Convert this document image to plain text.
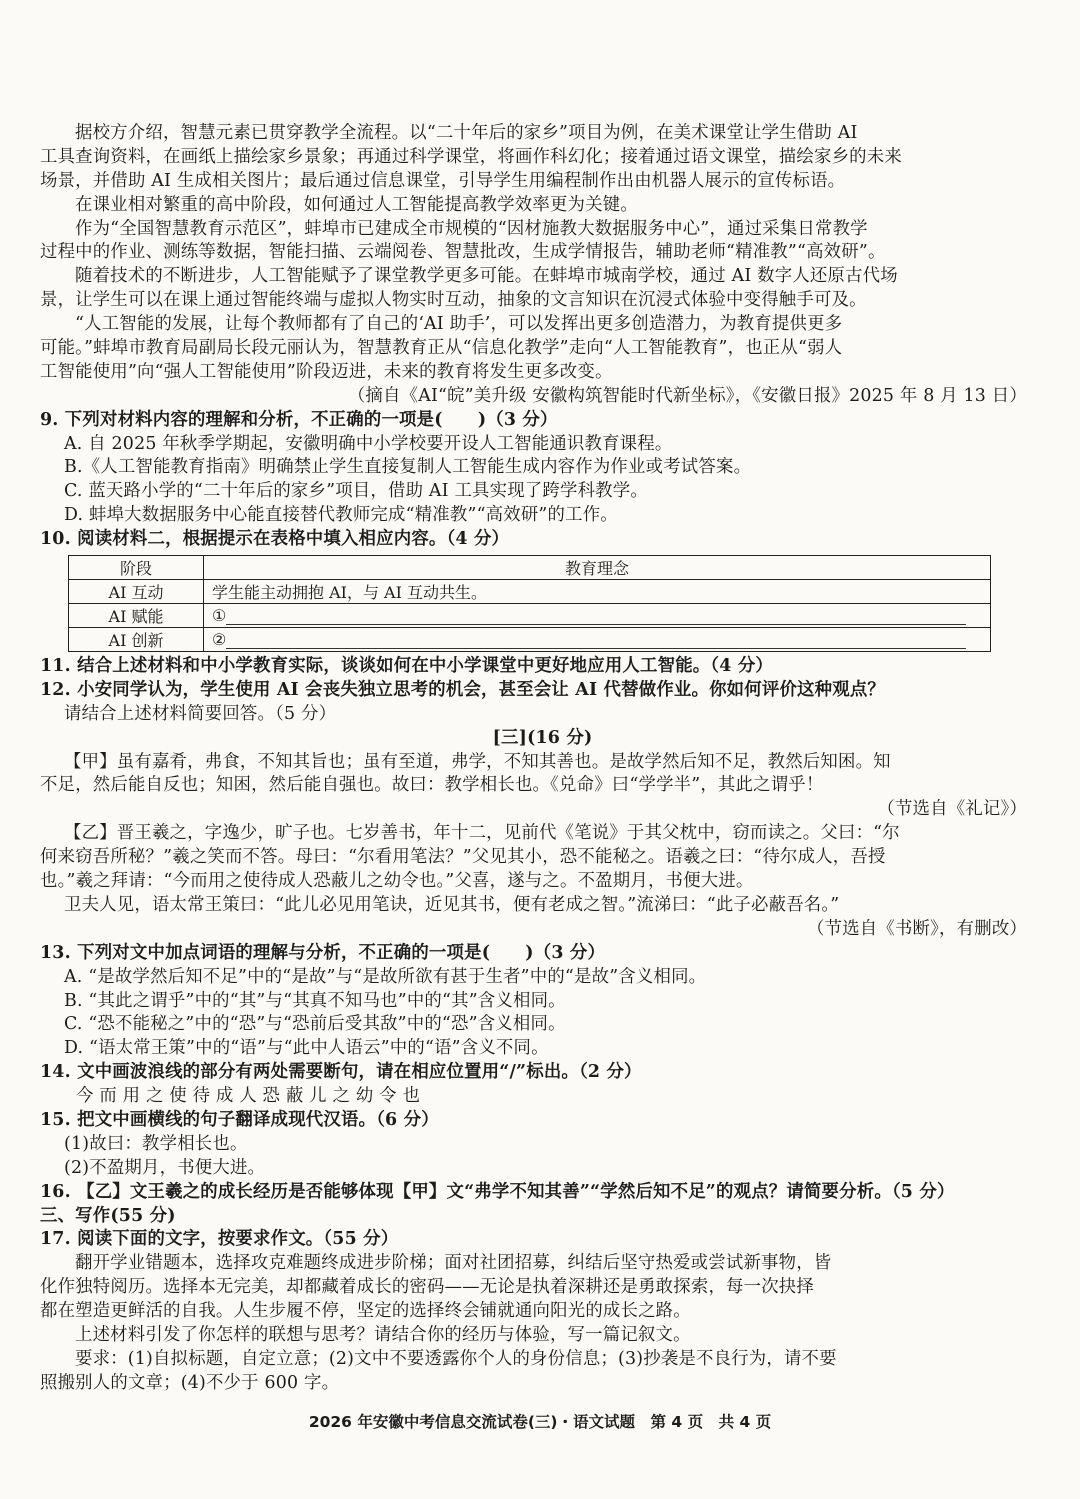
据校方介绍，智慧元素已贯穿教学全流程。以“二十年后的家乡”项目为例，在美术课堂让学生借助 AI

工具查询资料，在画纸上描绘家乡景象；再通过科学课堂，将画作科幻化；接着通过语文课堂，描绘家乡的未来

场景，并借助 AI 生成相关图片；最后通过信息课堂，引导学生用编程制作出由机器人展示的宣传标语。

在课业相对繁重的高中阶段，如何通过人工智能提高教学效率更为关键。

作为“全国智慧教育示范区”，蚌埠市已建成全市规模的“因材施教大数据服务中心”，通过采集日常教学

过程中的作业、测练等数据，智能扫描、云端阅卷、智慧批改，生成学情报告，辅助老师“精准教”“高效研”。

随着技术的不断进步，人工智能赋予了课堂教学更多可能。在蚌埠市城南学校，通过 AI 数字人还原古代场

景，让学生可以在课上通过智能终端与虚拟人物实时互动，抽象的文言知识在沉浸式体验中变得触手可及。

“人工智能的发展，让每个教师都有了自己的‘AI 助手’，可以发挥出更多创造潜力，为教育提供更多

可能。”蚌埠市教育局副局长段元丽认为，智慧教育正从“信息化教学”走向“人工智能教育”，也正从“弱人

工智能使用”向“强人工智能使用”阶段迈进，未来的教育将发生更多改变。

（摘自《AI“皖”美升级 安徽构筑智能时代新坐标》，《安徽日报》2025 年 8 月 13 日）

9. 下列对材料内容的理解和分析，不正确的一项是(　　)（3 分）

A. 自 2025 年秋季学期起，安徽明确中小学校要开设人工智能通识教育课程。

B.《人工智能教育指南》明确禁止学生直接复制人工智能生成内容作为作业或考试答案。

C. 蓝天路小学的“二十年后的家乡”项目，借助 AI 工具实现了跨学科教学。

D. 蚌埠大数据服务中心能直接替代教师完成“精准教”“高效研”的工作。

10. 阅读材料二，根据提示在表格中填入相应内容。（4 分）

阶段	教育理念
AI 互动	学生能主动拥抱 AI，与 AI 互动共生。
AI 赋能	①
AI 创新	②

11. 结合上述材料和中小学教育实际，谈谈如何在中小学课堂中更好地应用人工智能。（4 分）

12. 小安同学认为，学生使用 AI 会丧失独立思考的机会，甚至会让 AI 代替做作业。你如何评价这种观点？

请结合上述材料简要回答。（5 分）

[三](16 分)

【甲】虽有嘉肴，弗食，不知其旨也；虽有至道，弗学，不知其善也。是故学然后知不足，教然后知困。知

不足，然后能自反也；知困，然后能自强也。故曰：教学相长也。《兑命》曰“学学半”，其此之谓乎！

（节选自《礼记》）

【乙】晋王羲之，字逸少，旷子也。七岁善书，年十二，见前代《笔说》于其父枕中，窃而读之。父曰：“尔

何来窃吾所秘？”羲之笑而不答。母曰：“尔看用笔法？”父见其小，恐不能秘之。语羲之曰：“待尔成人，吾授

也。”羲之拜请：“今而用之使待成人恐蔽儿之幼令也。”父喜，遂与之。不盈期月，书便大进。

卫夫人见，语太常王策曰：“此儿必见用笔诀，近见其书，便有老成之智。”流涕曰：“此子必蔽吾名。”

（节选自《书断》，有删改）

13. 下列对文中加点词语的理解与分析，不正确的一项是(　　)（3 分）

A. “是故学然后知不足”中的“是故”与“是故所欲有甚于生者”中的“是故”含义相同。

B. “其此之谓乎”中的“其”与“其真不知马也”中的“其”含义相同。

C. “恐不能秘之”中的“恐”与“恐前后受其敌”中的“恐”含义相同。

D. “语太常王策”中的“语”与“此中人语云”中的“语”含义不同。

14. 文中画波浪线的部分有两处需要断句，请在相应位置用“/”标出。（2 分）

今 而 用 之 使 待 成 人 恐 蔽 儿 之 幼 令 也

15. 把文中画横线的句子翻译成现代汉语。（6 分）

(1)故曰：教学相长也。

(2)不盈期月，书便大进。

16. 【乙】文王羲之的成长经历是否能够体现【甲】文“弗学不知其善”“学然后知不足”的观点？请简要分析。（5 分）

三、写作(55 分)

17. 阅读下面的文字，按要求作文。（55 分）

翻开学业错题本，选择攻克难题终成进步阶梯；面对社团招募，纠结后坚守热爱或尝试新事物，皆

化作独特阅历。选择本无完美，却都藏着成长的密码——无论是执着深耕还是勇敢探索，每一次抉择

都在塑造更鲜活的自我。人生步履不停，坚定的选择终会铺就通向阳光的成长之路。

上述材料引发了你怎样的联想与思考？请结合你的经历与体验，写一篇记叙文。

要求：(1)自拟标题，自定立意；(2)文中不要透露你个人的身份信息；(3)抄袭是不良行为，请不要

照搬别人的文章；(4)不少于 600 字。

2026 年安徽中考信息交流试卷(三)・语文试题　第 4 页　共 4 页
